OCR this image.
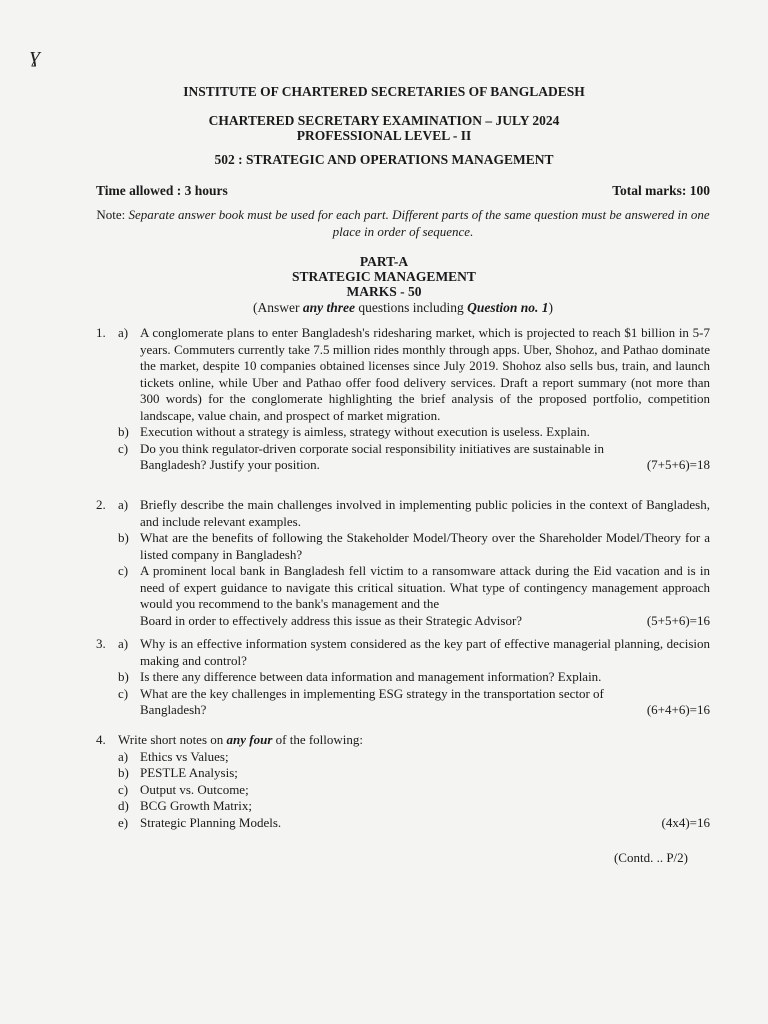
ɣ
INSTITUTE OF CHARTERED SECRETARIES OF BANGLADESH
CHARTERED SECRETARY EXAMINATION – JULY 2024
PROFESSIONAL LEVEL - II
502 : STRATEGIC AND OPERATIONS MANAGEMENT
Time allowed : 3 hours	Total marks: 100
Note: Separate answer book must be used for each part. Different parts of the same question must be answered in one place in order of sequence.
PART-A
STRATEGIC MANAGEMENT
MARKS - 50
(Answer any three questions including Question no. 1)
1. a) A conglomerate plans to enter Bangladesh's ridesharing market, which is projected to reach $1 billion in 5-7 years. Commuters currently take 7.5 million rides monthly through apps. Uber, Shohoz, and Pathao dominate the market, despite 10 companies obtained licenses since July 2019. Shohoz also sells bus, train, and launch tickets online, while Uber and Pathao offer food delivery services. Draft a report summary (not more than 300 words) for the conglomerate highlighting the brief analysis of the proposed portfolio, competition landscape, value chain, and prospect of market migration.
b) Execution without a strategy is aimless, strategy without execution is useless. Explain.
c) Do you think regulator-driven corporate social responsibility initiatives are sustainable in
Bangladesh? Justify your position.	(7+5+6)=18
2. a) Briefly describe the main challenges involved in implementing public policies in the context of Bangladesh, and include relevant examples.
b) What are the benefits of following the Stakeholder Model/Theory over the Shareholder Model/Theory for a listed company in Bangladesh?
c) A prominent local bank in Bangladesh fell victim to a ransomware attack during the Eid vacation and is in need of expert guidance to navigate this critical situation. What type of contingency management approach would you recommend to the bank's management and the
Board in order to effectively address this issue as their Strategic Advisor?	(5+5+6)=16
3. a) Why is an effective information system considered as the key part of effective managerial planning, decision making and control?
b) Is there any difference between data information and management information? Explain.
c) What are the key challenges in implementing ESG strategy in the transportation sector of
Bangladesh?	(6+4+6)=16
4. Write short notes on any four of the following:
a) Ethics vs Values;
b) PESTLE Analysis;
c) Output vs. Outcome;
d) BCG Growth Matrix;
e) Strategic Planning Models.	(4x4)=16
(Contd. .. P/2)
